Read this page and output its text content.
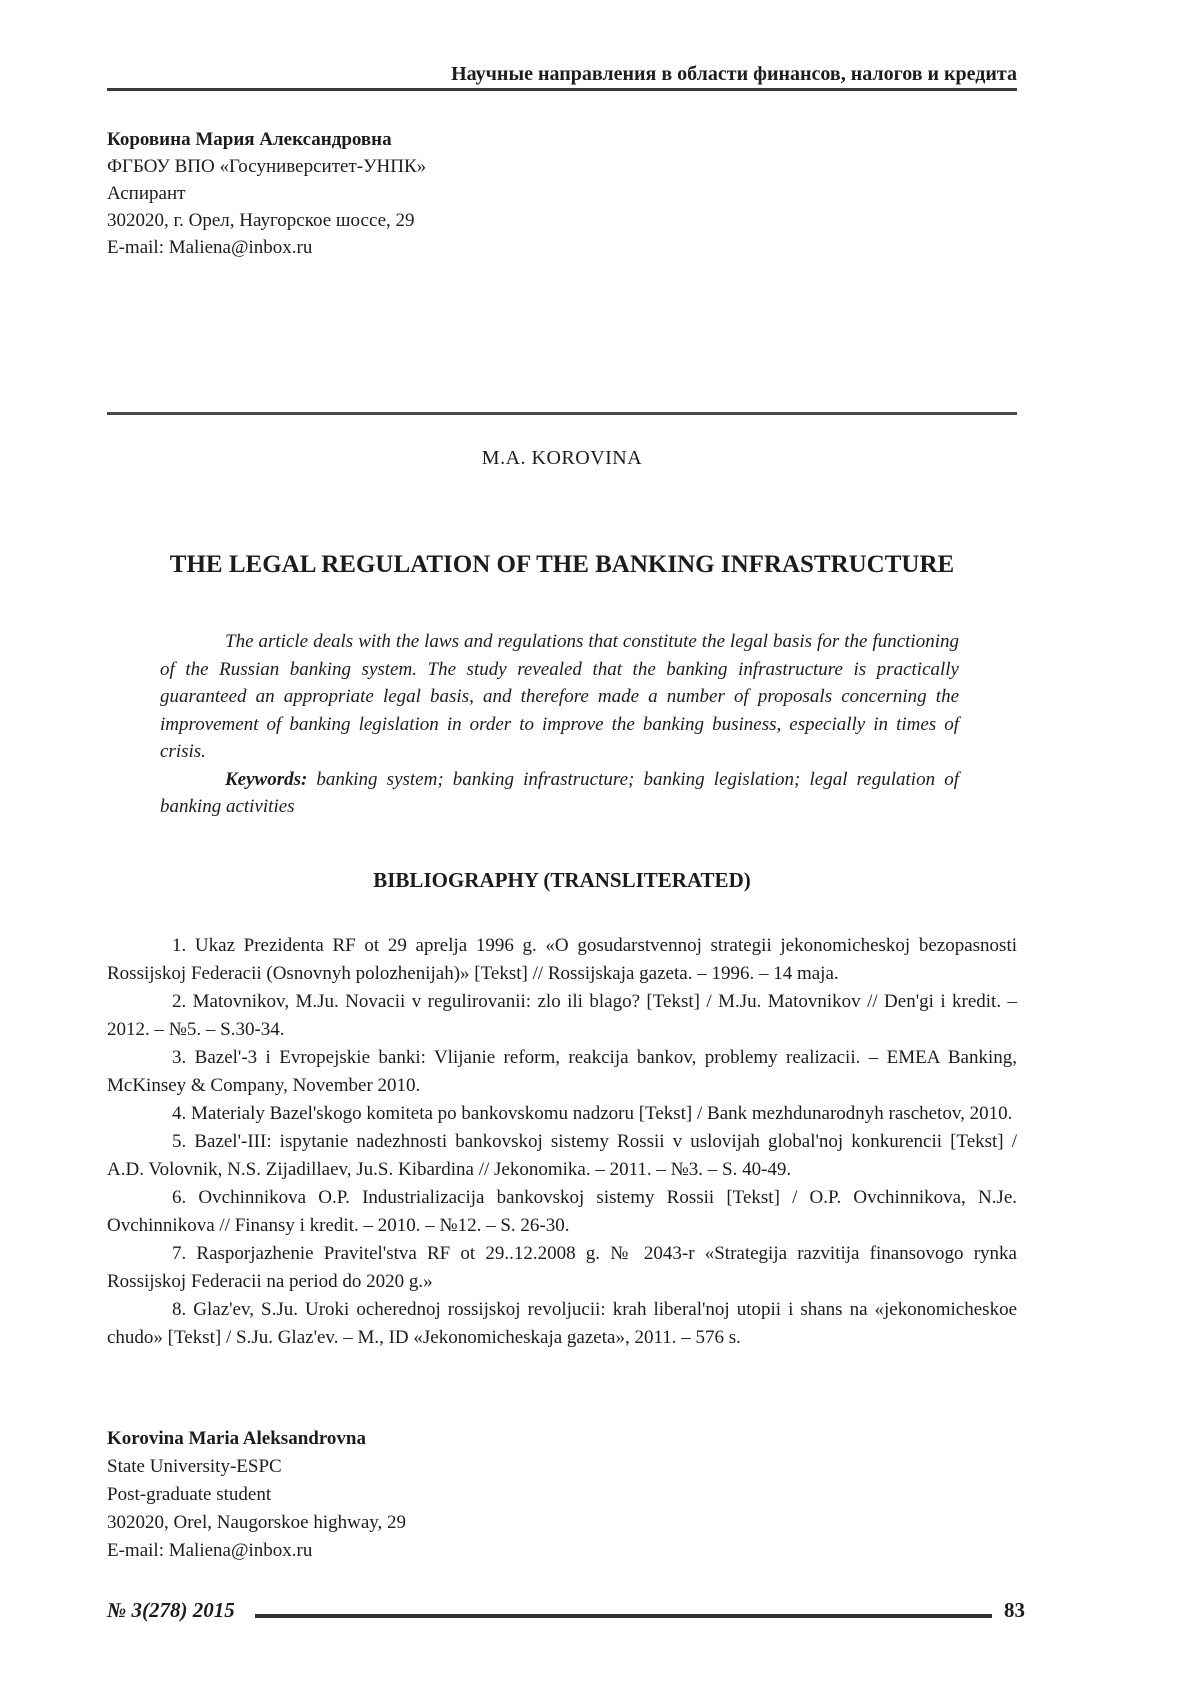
Научные направления в области финансов, налогов и кредита

Коровина Мария Александровна

ФГБОУ ВПО «Госуниверситет-УНПК»

Аспирант

302020, г. Орел, Наугорское шоссе, 29

E-mail: Maliena@inbox.ru

M.A. KOROVINA
THE LEGAL REGULATION OF THE BANKING INFRASTRUCTURE

The article deals with the laws and regulations that constitute the legal basis for the functioning of the Russian banking system. The study revealed that the banking infrastructure is practically guaranteed an appropriate legal basis, and therefore made a number of proposals concerning the improvement of banking legislation in order to improve the banking business, especially in times of crisis.

Keywords: banking system; banking infrastructure; banking legislation; legal regulation of banking activities

BIBLIOGRAPHY (TRANSLITERATED)

1. Ukaz Prezidenta RF ot 29 aprelja 1996 g. «O gosudarstvennoj strategii jekonomicheskoj bezopasnosti Rossijskoj Federacii (Osnovnyh polozhenijah)» [Tekst] // Rossijskaja gazeta. – 1996. – 14 maja.

2. Matovnikov, M.Ju. Novacii v regulirovanii: zlo ili blago? [Tekst] / M.Ju. Matovnikov // Den'gi i kredit. – 2012. – №5. – S.30-34.

3. Bazel'-3 i Evropejskie banki: Vlijanie reform, reakcija bankov, problemy realizacii. – EMEA Banking, McKinsey & Company, November 2010.

4. Materialy Bazel'skogo komiteta po bankovskomu nadzoru [Tekst] / Bank mezhdunarodnyh raschetov, 2010.

5. Bazel'-III: ispytanie nadezhnosti bankovskoj sistemy Rossii v uslovijah global'noj konkurencii [Tekst] / A.D. Volovnik, N.S. Zijadillaev, Ju.S. Kibardina // Jekonomika. – 2011. – №3. – S. 40-49.

6. Ovchinnikova O.P. Industrializacija bankovskoj sistemy Rossii [Tekst] / O.P. Ovchinnikova, N.Je. Ovchinnikova // Finansy i kredit. – 2010. – №12. – S. 26-30.

7. Rasporjazhenie Pravitel'stva RF ot 29..12.2008 g. № 2043-r «Strategija razvitija finansovogo rynka Rossijskoj Federacii na period do 2020 g.»

8. Glaz'ev, S.Ju. Uroki ocherednoj rossijskoj revoljucii: krah liberal'noj utopii i shans na «jekonomicheskoe chudo» [Tekst] / S.Ju. Glaz'ev. – M., ID «Jekonomicheskaja gazeta», 2011. – 576 s.

Korovina Maria Aleksandrovna

State University-ESPC

Post-graduate student

302020, Orel, Naugorskoe highway, 29

E-mail: Maliena@inbox.ru

№ 3(278) 2015	83
